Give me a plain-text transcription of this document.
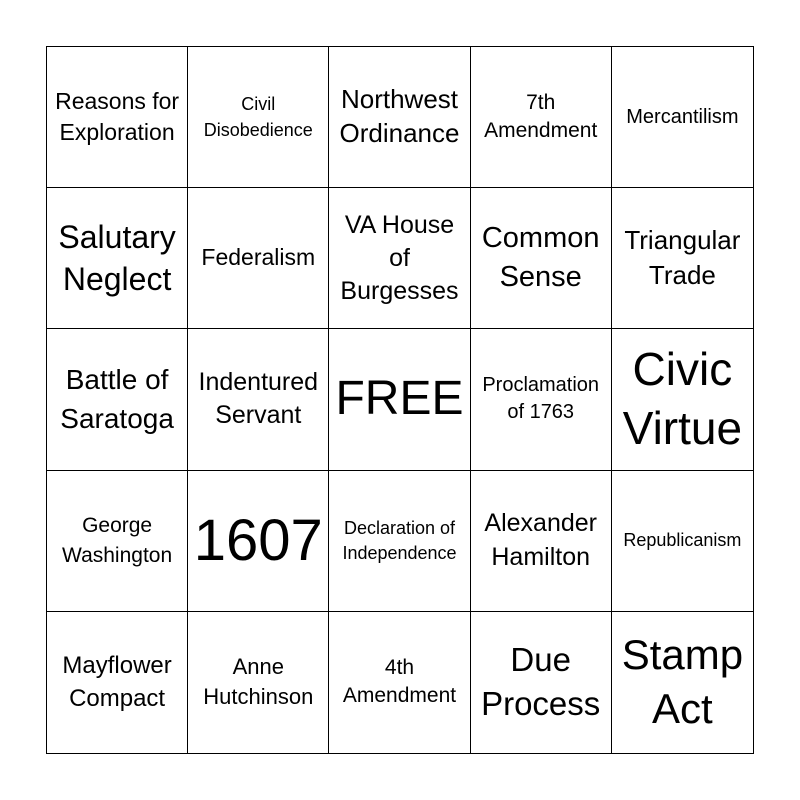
Reasons for Exploration
Civil Disobedience
Northwest Ordinance
7th Amendment
Mercantilism
Salutary Neglect
Federalism
VA House of Burgesses
Common Sense
Triangular Trade
Battle of Saratoga
Indentured Servant FREE Proclamation of 1763
Civic Virtue
George Washington 1607	Declaration of Independence
Alexander Hamilton
Republicanism
Mayflower Compact
Anne Hutchinson
4th Amendment
Due Process
Stamp Act
